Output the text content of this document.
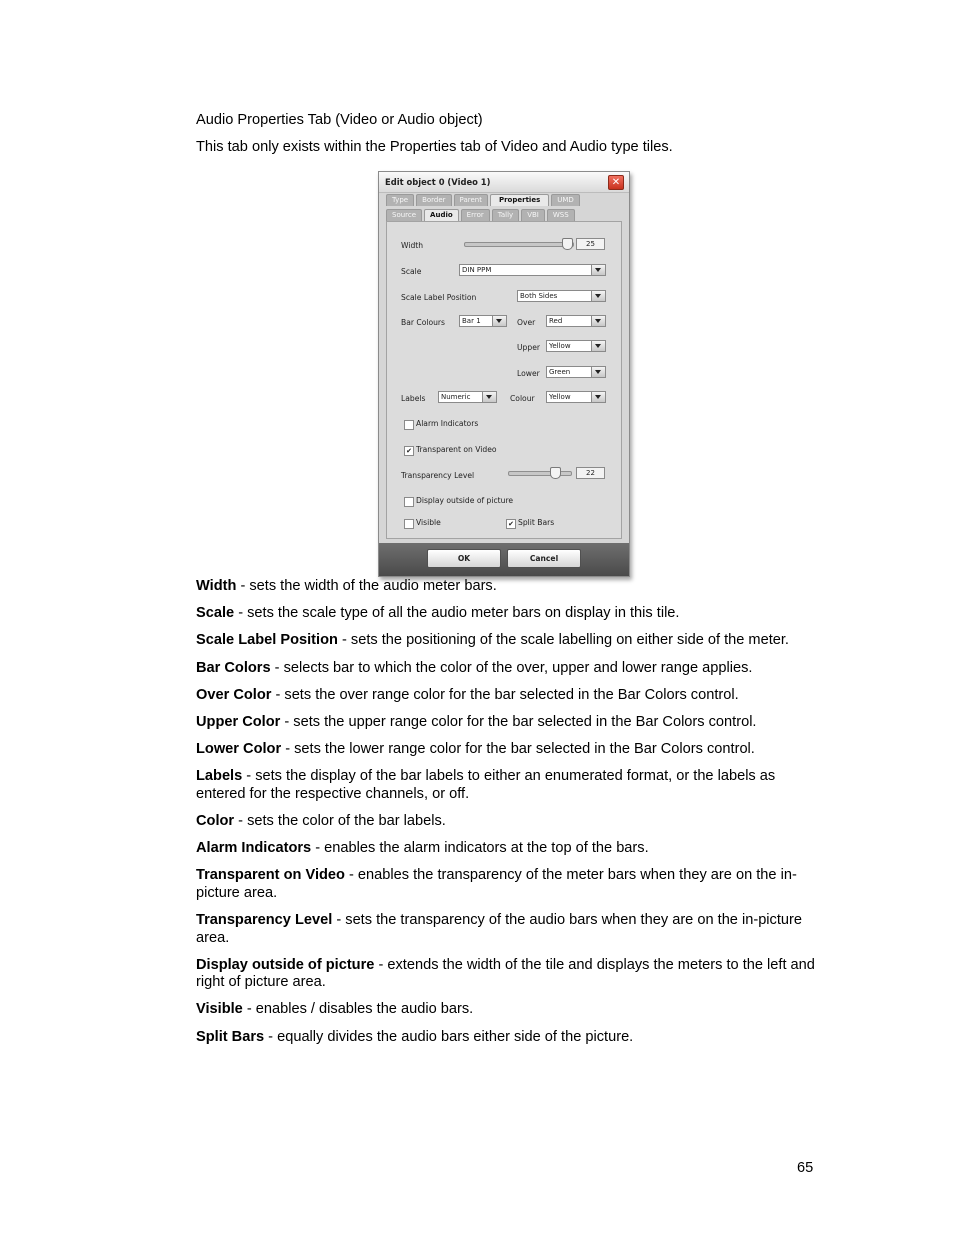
Audio Properties Tab (Video or Audio object)
This tab only exists within the Properties tab of Video and Audio type tiles.
Edit object 0 (Video 1)	✕
Type	Border	Parent	Properties	UMD
Source	Audio	Error	Tally	VBI	WSS
Width	25
Scale	DIN PPM
Scale Label Position	Both Sides
Bar Colours Bar 1	Over Red
Upper Yellow
Lower Green
Labels Numeric	Colour Yellow
Alarm Indicators
✔ Transparent on Video
Transparency Level	22
Display outside of picture
Visible	✔ Split Bars
OK	Cancel

Width - sets the width of the audio meter bars.

Scale - sets the scale type of all the audio meter bars on display in this tile.

Scale Label Position - sets the positioning of the scale labelling on either side of the meter.

Bar Colors - selects bar to which the color of the over, upper and lower range applies.

Over Color - sets the over range color for the bar selected in the Bar Colors control.

Upper Color - sets the upper range color for the bar selected in the Bar Colors control.

Lower Color - sets the lower range color for the bar selected in the Bar Colors control.

Labels - sets the display of the bar labels to either an enumerated format, or the labels as entered for the respective channels, or off.

Color - sets the color of the bar labels.

Alarm Indicators - enables the alarm indicators at the top of the bars.

Transparent on Video - enables the transparency of the meter bars when they are on the in-picture area.

Transparency Level - sets the transparency of the audio bars when they are on the in-picture area.

Display outside of picture - extends the width of the tile and displays the meters to the left and right of picture area.

Visible - enables / disables the audio bars.

Split Bars - equally divides the audio bars either side of the picture.

65
